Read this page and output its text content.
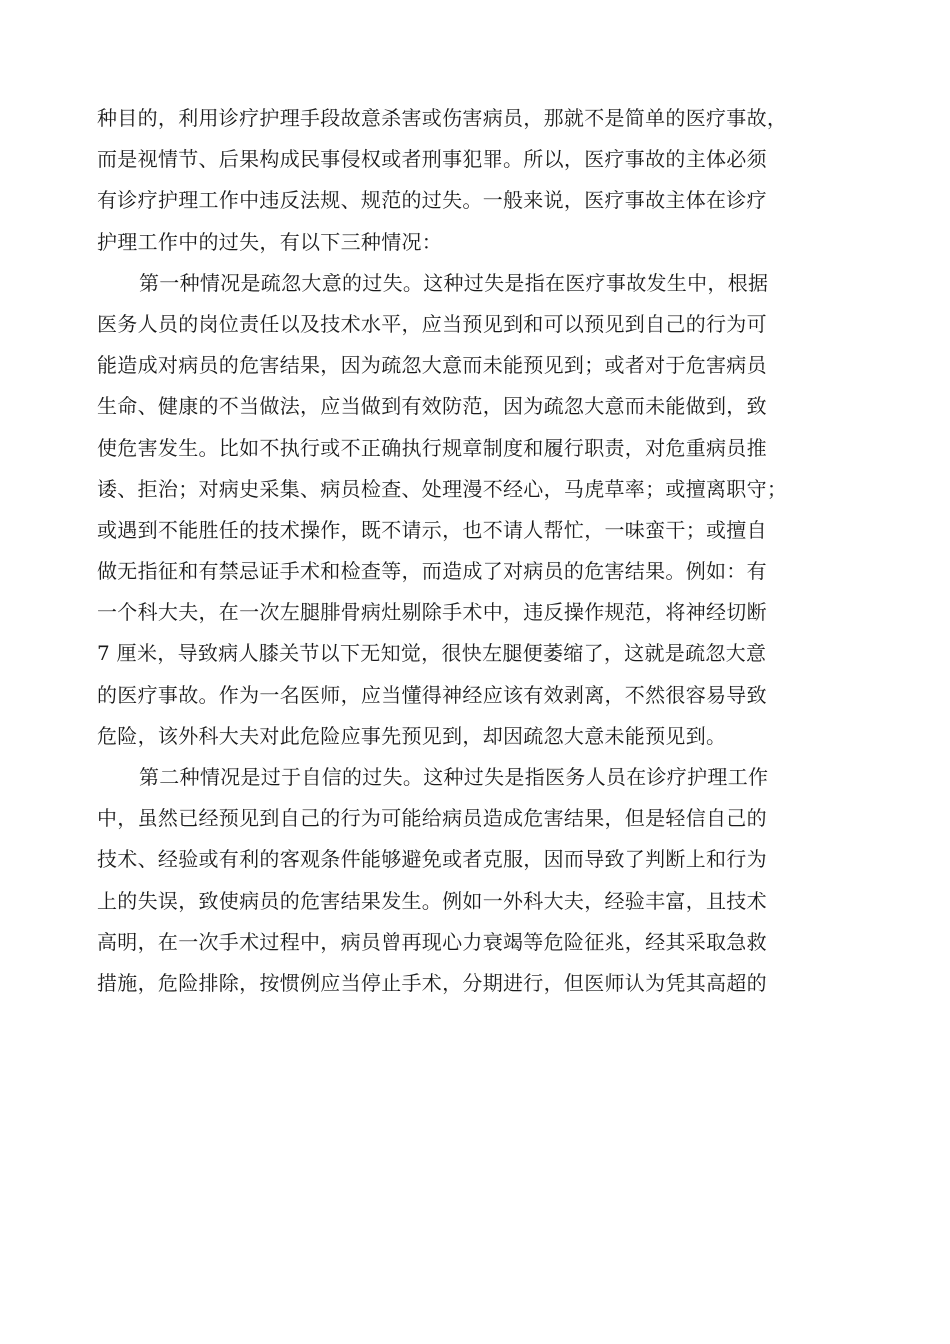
种目的，利用诊疗护理手段故意杀害或伤害病员，那就不是简单的医疗事故，
而是视情节、后果构成民事侵权或者刑事犯罪。所以，医疗事故的主体必须
有诊疗护理工作中违反法规、规范的过失。一般来说，医疗事故主体在诊疗
护理工作中的过失，有以下三种情况：
第一种情况是疏忽大意的过失。这种过失是指在医疗事故发生中，根据
医务人员的岗位责任以及技术水平，应当预见到和可以预见到自己的行为可
能造成对病员的危害结果，因为疏忽大意而未能预见到；或者对于危害病员
生命、健康的不当做法，应当做到有效防范，因为疏忽大意而未能做到，致
使危害发生。比如不执行或不正确执行规章制度和履行职责，对危重病员推
诿、拒治；对病史采集、病员检查、处理漫不经心，马虎草率；或擅离职守；
或遇到不能胜任的技术操作，既不请示，也不请人帮忙，一味蛮干；或擅自
做无指征和有禁忌证手术和检查等，而造成了对病员的危害结果。例如：有
一个科大夫，在一次左腿腓骨病灶剔除手术中，违反操作规范，将神经切断
7 厘米，导致病人膝关节以下无知觉，很快左腿便萎缩了，这就是疏忽大意
的医疗事故。作为一名医师，应当懂得神经应该有效剥离，不然很容易导致
危险，该外科大夫对此危险应事先预见到，却因疏忽大意未能预见到。
第二种情况是过于自信的过失。这种过失是指医务人员在诊疗护理工作
中，虽然已经预见到自己的行为可能给病员造成危害结果，但是轻信自己的
技术、经验或有利的客观条件能够避免或者克服，因而导致了判断上和行为
上的失误，致使病员的危害结果发生。例如一外科大夫，经验丰富，且技术
高明，在一次手术过程中，病员曾再现心力衰竭等危险征兆，经其采取急救
措施，危险排除，按惯例应当停止手术，分期进行，但医师认为凭其高超的
